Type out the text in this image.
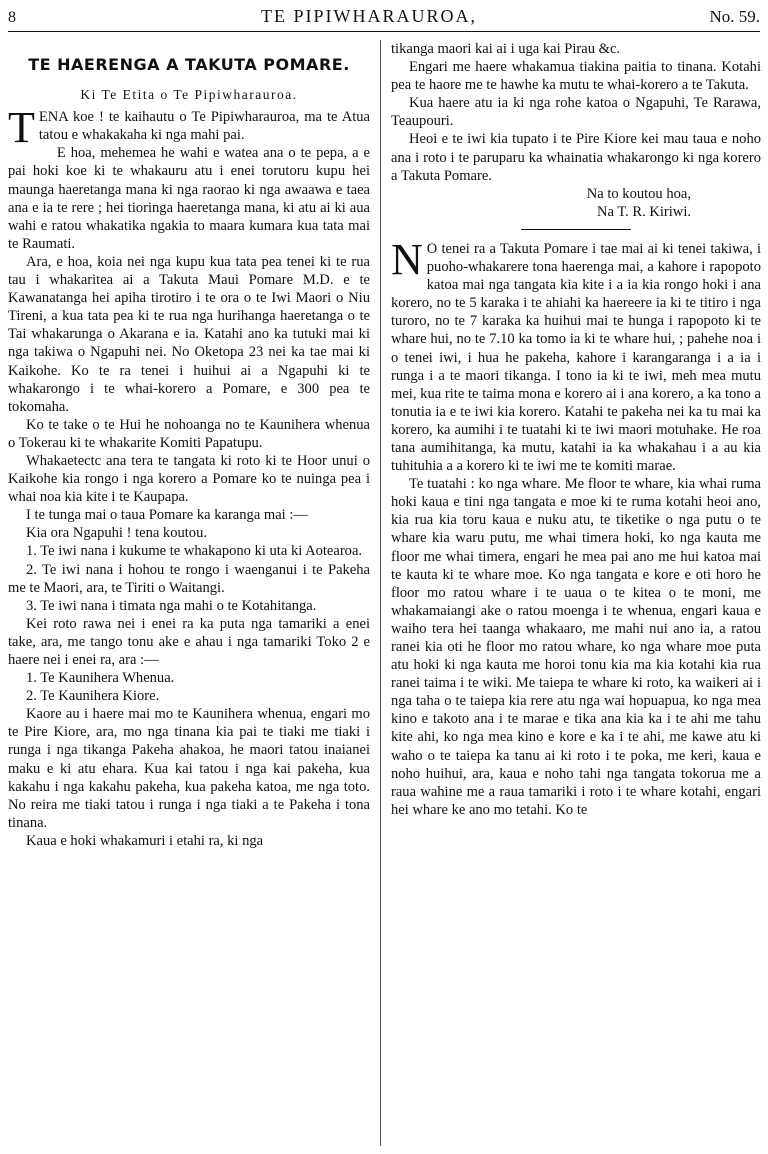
8	TE PIPIWHARAUROA,	No. 59.
TE HAERENGA A TAKUTA POMARE.
Ki Te Etita o Te Pipiwharauroa.

TENA koe ! te kaihautu o Te Pipiwharauroa, ma te Atua tatou e whakakaha ki nga mahi pai.

E hoa, mehemea he wahi e watea ana o te pepa, a e pai hoki koe ki te whakauru atu i enei torutoru kupu hei maunga haeretanga mana ki nga raorao ki nga awaawa e taea ana e ia te rere ; hei tioringa haeretanga mana, ki atu ai ki aua wahi e ratou whakatika ngakia to maara kumara kua tata mai te Raumati.

Ara, e hoa, koia nei nga kupu kua tata pea tenei ki te rua tau i whakaritea ai a Takuta Maui Pomare M.D. e te Kawanatanga hei apiha tirotiro i te ora o te Iwi Maori o Niu Tireni, a kua tata pea ki te rua nga hurihanga haeretanga o te Tai whakarunga o Akarana e ia. Katahi ano ka tutuki mai ki nga takiwa o Ngapuhi nei. No Oketopa 23 nei ka tae mai ki Kaikohe. Ko te ra tenei i huihui ai a Ngapuhi ki te whakarongo i te whai-korero a Pomare, e 300 pea te tokomaha.

Ko te take o te Hui he nohoanga no te Kaunihera whenua o Tokerau ki te whakarite Komiti Papatupu.

Whakaetectc ana tera te tangata ki roto ki te Hoor unui o Kaikohe kia rongo i nga korero a Pomare ko te nuinga pea i whai noa kia kite i te Kaupapa.

I te tunga mai o taua Pomare ka karanga mai :—

Kia ora Ngapuhi ! tena koutou.

1. Te iwi nana i kukume te whakapono ki uta ki Aotearoa.

2. Te iwi nana i hohou te rongo i waenganui i te Pakeha me te Maori, ara, te Tiriti o Waitangi.

3. Te iwi nana i timata nga mahi o te Kotahitanga.

Kei roto rawa nei i enei ra ka puta nga tamariki a enei take, ara, me tango tonu ake e ahau i nga tamariki Toko 2 e haere nei i enei ra, ara :—

1. Te Kaunihera Whenua.

2. Te Kaunihera Kiore.

Kaore au i haere mai mo te Kaunihera whenua, engari mo te Pire Kiore, ara, mo nga tinana kia pai te tiaki me tiaki i runga i nga tikanga Pakeha ahakoa, he maori tatou inaianei maku e ki atu ehara. Kua kai tatou i nga kai pakeha, kua kakahu i nga kakahu pakeha, kua pakeha katoa, me nga toto. No reira me tiaki tatou i runga i nga tiaki a te Pakeha i tona tinana.

Kaua e hoki whakamuri i etahi ra, ki nga

tikanga maori kai ai i uga kai Pirau &c.

Engari me haere whakamua tiakina paitia to tinana. Kotahi pea te haore me te hawhe ka mutu te whai-korero a te Takuta.

Kua haere atu ia ki nga rohe katoa o Ngapuhi, Te Rarawa, Teaupouri.

Heoi e te iwi kia tupato i te Pire Kiore kei mau taua e noho ana i roto i te paruparu ka whainatia whakarongo ki nga korero a Takuta Pomare.

Na to koutou hoa,

Na T. R. Kiriwi.

N O tenei ra a Takuta Pomare i tae mai ai ki tenei takiwa, i puoho-whakarere tona haerenga mai, a kahore i rapopoto katoa mai nga tangata kia kite i a ia kia rongo hoki i ana korero, no te 5 karaka i te ahiahi ka haereere ia ki te titiro i nga turoro, no te 7 karaka ka huihui mai te hunga i rapopoto ki te whare hui, no te 7.10 ka tomo ia ki te whare hui, ; pahehe noa i o tenei iwi, i hua he pakeha, kahore i karangaranga i a ia i runga i a te maori tikanga. I tono ia ki te iwi, meh mea mutu mei, kua rite te taima mona e korero ai i ana korero, a ka tono a tonutia ia e te iwi kia korero. Katahi te pakeha nei ka tu mai ka korero, ka aumihi i te tuatahi ki te iwi maori motuhake. He roa tana aumihitanga, ka mutu, katahi ia ka whakahau i a au kia tuhituhia a a korero ki te iwi me te komiti marae.

Te tuatahi : ko nga whare. Me floor te whare, kia whai ruma hoki kaua e tini nga tangata e moe ki te ruma kotahi heoi ano, kia rua kia toru kaua e nuku atu, te tiketike o nga putu o te whare kia waru putu, me whai timera hoki, ko nga kauta me floor me whai timera, engari he mea pai ano me hui katoa mai te kauta ki te whare moe. Ko nga tangata e kore e oti horo he floor mo ratou whare i te uaua o te kitea o te moni, me whakamaiangi ake o ratou moenga i te whenua, engari kaua e waiho tera hei taanga whakaaro, me mahi nui ano ia, a ratou ranei kia oti he floor mo ratou whare, ko nga whare moe puta atu hoki ki nga kauta me horoi tonu kia ma kia kotahi kia rua ranei taima i te wiki. Me taiepa te whare ki roto, ka waikeri ai i nga taha o te taiepa kia rere atu nga wai hopuapua, ko nga mea kino e takoto ana i te marae e tika ana kia ka i te ahi me tahu kite ahi, ko nga mea kino e kore e ka i te ahi, me kawe atu ki waho o te taiepa ka tanu ai ki roto i te poka, me keri, kaua e noho huihui, ara, kaua e noho tahi nga tangata tokorua me a raua wahine me a raua tamariki i roto i te whare kotahi, engari hei whare ke ano mo tetahi. Ko te
